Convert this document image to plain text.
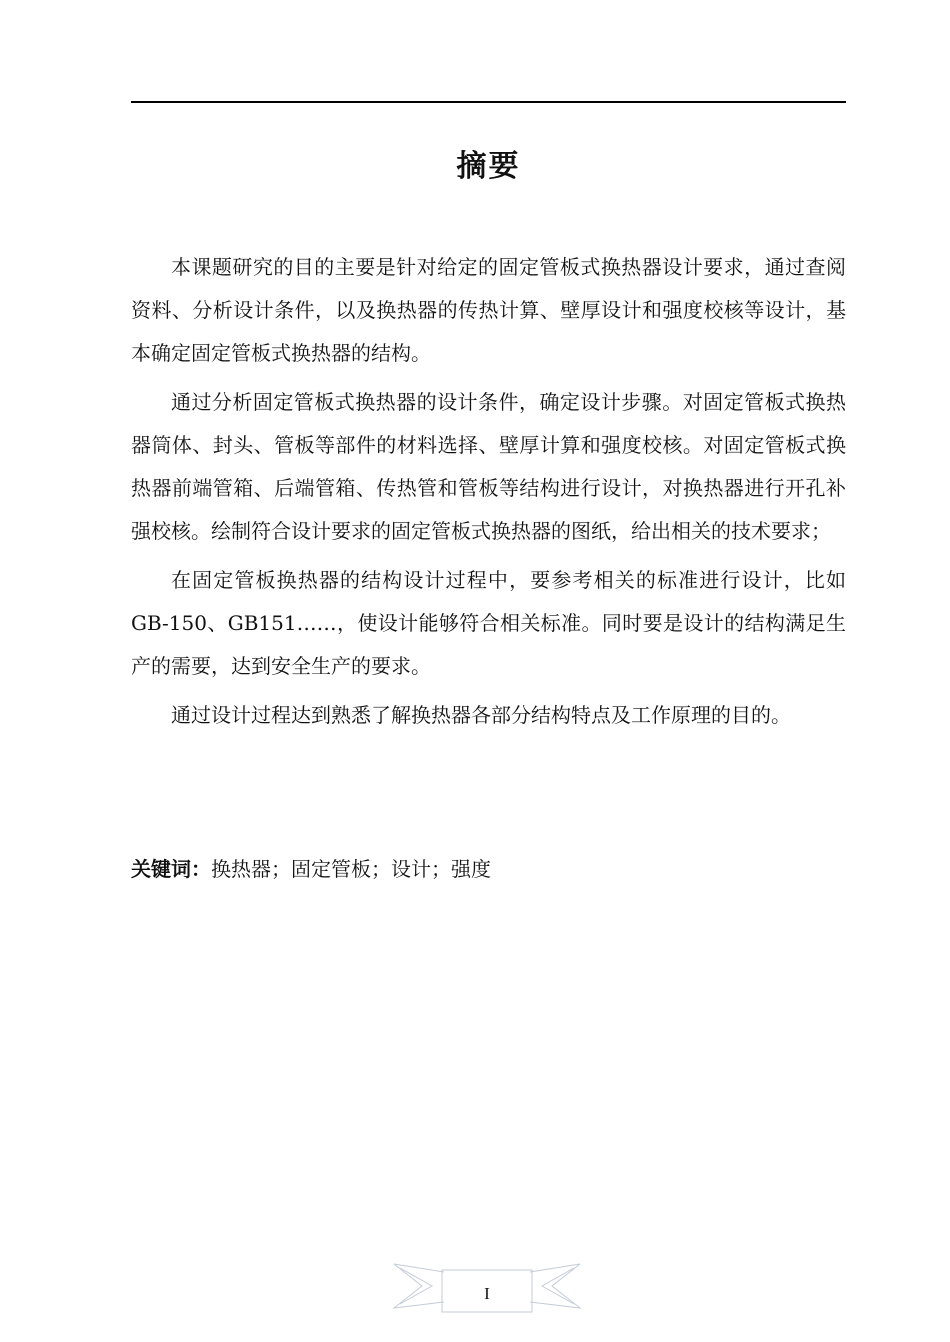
摘要

本课题研究的目的主要是针对给定的固定管板式换热器设计要求，通过查阅资料、分析设计条件，以及换热器的传热计算、壁厚设计和强度校核等设计，基本确定固定管板式换热器的结构。

通过分析固定管板式换热器的设计条件，确定设计步骤。对固定管板式换热器筒体、封头、管板等部件的材料选择、壁厚计算和强度校核。对固定管板式换热器前端管箱、后端管箱、传热管和管板等结构进行设计，对换热器进行开孔补强校核。绘制符合设计要求的固定管板式换热器的图纸，给出相关的技术要求；

在固定管板换热器的结构设计过程中，要参考相关的标准进行设计，比如GB-150、GB151……，使设计能够符合相关标准。同时要是设计的结构满足生产的需要，达到安全生产的要求。

通过设计过程达到熟悉了解换热器各部分结构特点及工作原理的目的。

关键词：换热器；固定管板；设计；强度
I
